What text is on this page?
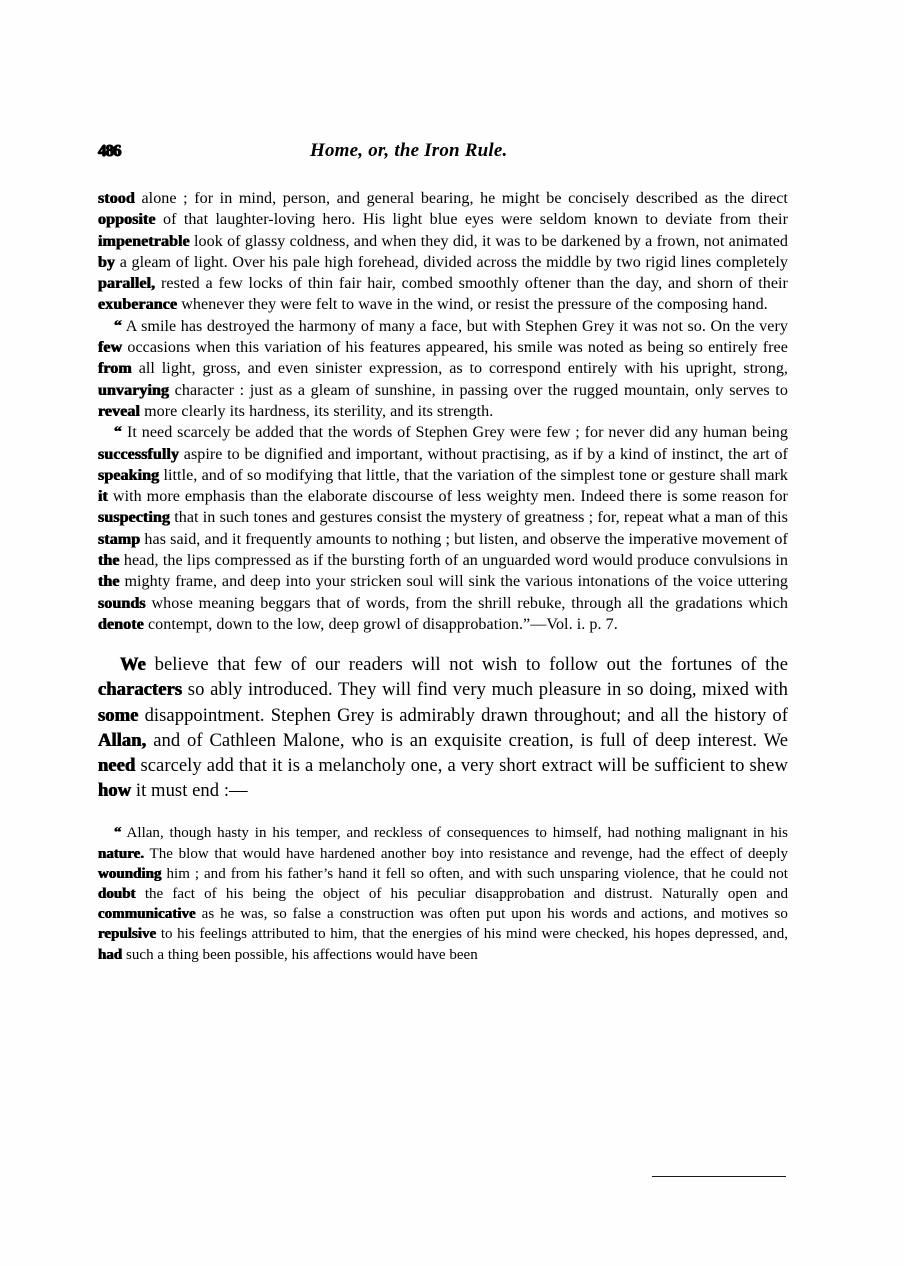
486	Home, or, the Iron Rule.

stood alone ; for in mind, person, and general bearing, he might be concisely described as the direct opposite of that laughter-loving hero. His light blue eyes were seldom known to deviate from their impenetrable look of glassy coldness, and when they did, it was to be darkened by a frown, not animated by a gleam of light. Over his pale high forehead, divided across the middle by two rigid lines completely parallel, rested a few locks of thin fair hair, combed smoothly oftener than the day, and shorn of their exuberance whenever they were felt to wave in the wind, or resist the pressure of the composing hand.

“ A smile has destroyed the harmony of many a face, but with Stephen Grey it was not so. On the very few occasions when this variation of his features appeared, his smile was noted as being so entirely free from all light, gross, and even sinister expression, as to correspond entirely with his upright, strong, unvarying character : just as a gleam of sunshine, in passing over the rugged mountain, only serves to reveal more clearly its hardness, its sterility, and its strength.

“ It need scarcely be added that the words of Stephen Grey were few ; for never did any human being successfully aspire to be dignified and important, without practising, as if by a kind of instinct, the art of speaking little, and of so modifying that little, that the variation of the simplest tone or gesture shall mark it with more emphasis than the elaborate discourse of less weighty men. Indeed there is some reason for suspecting that in such tones and gestures consist the mystery of greatness ; for, repeat what a man of this stamp has said, and it frequently amounts to nothing ; but listen, and observe the imperative movement of the head, the lips compressed as if the bursting forth of an unguarded word would produce convulsions in the mighty frame, and deep into your stricken soul will sink the various intonations of the voice uttering sounds whose meaning beggars that of words, from the shrill rebuke, through all the gradations which denote contempt, down to the low, deep growl of disapprobation.”—Vol. i. p. 7.

We believe that few of our readers will not wish to follow out the fortunes of the characters so ably introduced. They will find very much pleasure in so doing, mixed with some disappointment. Stephen Grey is admirably drawn throughout; and all the history of Allan, and of Cathleen Malone, who is an exquisite creation, is full of deep interest. We need scarcely add that it is a melancholy one, a very short extract will be sufficient to shew how it must end :—

“ Allan, though hasty in his temper, and reckless of consequences to himself, had nothing malignant in his nature. The blow that would have hardened another boy into resistance and revenge, had the effect of deeply wounding him ; and from his father’s hand it fell so often, and with such unsparing violence, that he could not doubt the fact of his being the object of his peculiar disapprobation and distrust. Naturally open and communicative as he was, so false a construction was often put upon his words and actions, and motives so repulsive to his feelings attributed to him, that the energies of his mind were checked, his hopes depressed, and, had such a thing been possible, his affections would have been
